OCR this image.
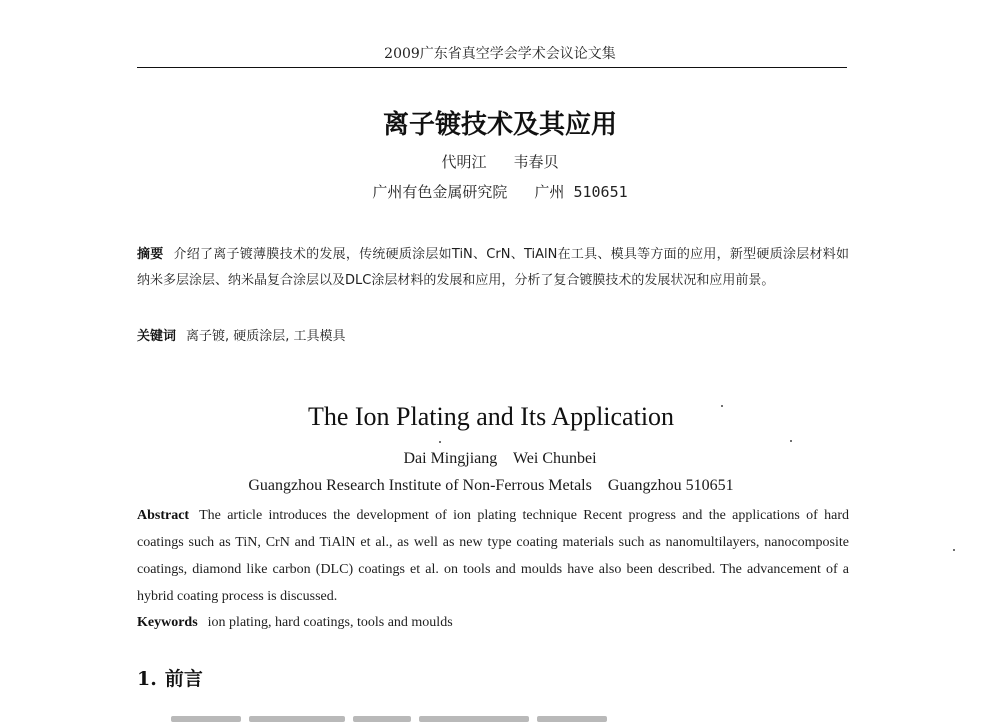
2009广东省真空学会学术会议论文集
离子镀技术及其应用
代明江   韦春贝
广州有色金属研究院   广州 510651
摘要 介绍了离子镀薄膜技术的发展，传统硬质涂层如TiN、CrN、TiAlN在工具、模具等方面的应用，新型硬质涂层材料如纳米多层涂层、纳米晶复合涂层以及DLC涂层材料的发展和应用，分析了复合镀膜技术的发展状况和应用前景。
关键词 离子镀, 硬质涂层, 工具模具
The Ion Plating and Its Application
Dai Mingjiang    Wei Chunbei
Guangzhou Research Institute of Non-Ferrous Metals    Guangzhou 510651
Abstract The article introduces the development of ion plating technique Recent progress and the applications of hard coatings such as TiN, CrN and TiAlN et al., as well as new type coating materials such as nanomultilayers, nanocomposite coatings, diamond like carbon (DLC) coatings et al. on tools and moulds have also been described. The advancement of a hybrid coating process is discussed.
Keywords ion plating, hard coatings, tools and moulds
1. 前言
